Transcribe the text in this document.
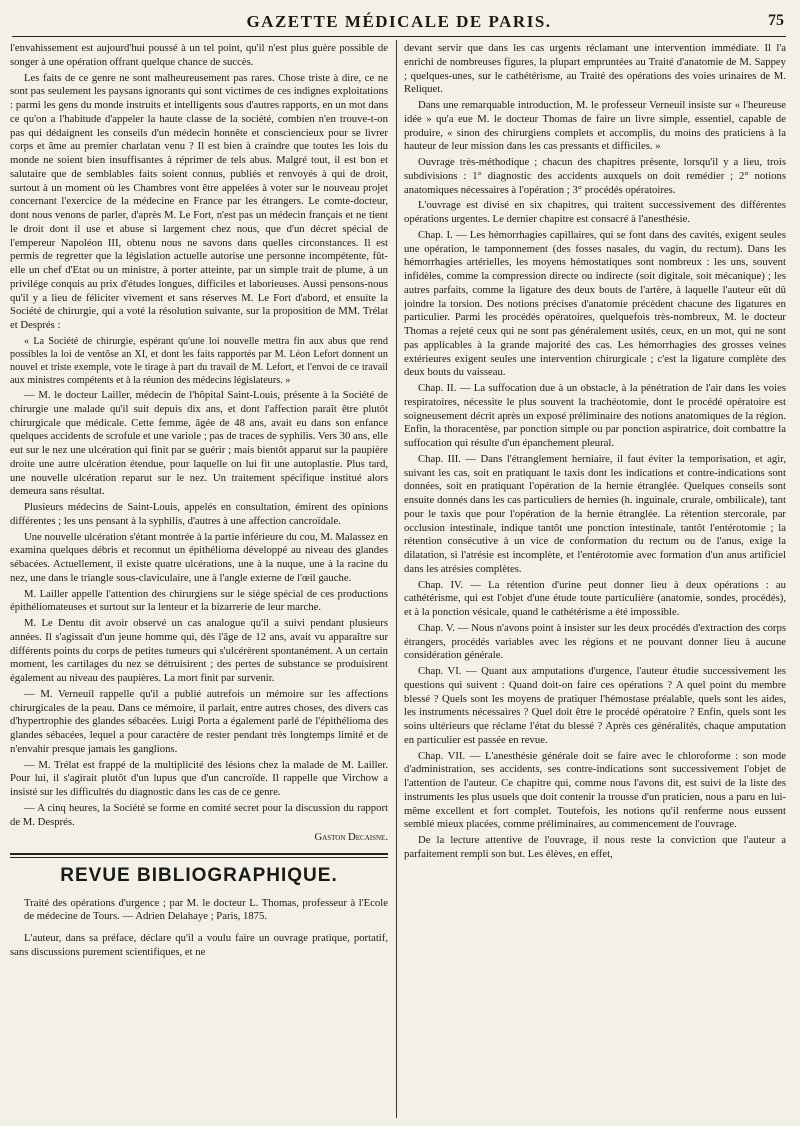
GAZETTE MÉDICALE DE PARIS.	75

l'envahissement est aujourd'hui poussé à un tel point, qu'il n'est plus guère possible de songer à une opération offrant quelque chance de succès.

Les faits de ce genre ne sont malheureusement pas rares. Chose triste à dire, ce ne sont pas seulement les paysans ignorants qui sont victimes de ces indignes exploitations : parmi les gens du monde instruits et intelligents sous d'autres rapports, en un mot dans ce qu'on a l'habitude d'appeler la haute classe de la société, combien n'en trouve-t-on pas qui dédaignent les conseils d'un médecin honnête et consciencieux pour se livrer corps et âme au premier charlatan venu ? Il est bien à craindre que toutes les lois du monde ne soient bien insuffisantes à réprimer de tels abus. Malgré tout, il est bon et salutaire que de semblables faits soient connus, publiés et renvoyés à qui de droit, surtout à un moment où les Chambres vont être appelées à voter sur le nouveau projet concernant l'exercice de la médecine en France par les étrangers. Le comte-docteur, dont nous venons de parler, d'après M. Le Fort, n'est pas un médecin français et ne tient le droit dont il use et abuse si largement chez nous, que d'un décret spécial de l'empereur Napoléon III, obtenu nous ne savons dans quelles circonstances. Il est permis de regretter que la législation actuelle autorise une personne incompétente, fût-elle un chef d'Etat ou un ministre, à porter atteinte, par un simple trait de plume, à un privilége conquis au prix d'études longues, difficiles et laborieuses. Aussi pensons-nous qu'il y a lieu de féliciter vivement et sans réserves M. Le Fort d'abord, et ensuite la Société de chirurgie, qui a voté la résolution suivante, sur la proposition de MM. Trélat et Després :

« La Société de chirurgie, espérant qu'une loi nouvelle mettra fin aux abus que rend possibles la loi de ventôse an XI, et dont les faits rapportés par M. Léon Lefort donnent un nouvel et triste exemple, vote le tirage à part du travail de M. Lefort, et l'envoi de ce travail aux ministres compétents et à la réunion des médecins législateurs. »

— M. le docteur Lailler, médecin de l'hôpital Saint-Louis, présente à la Société de chirurgie une malade qu'il suit depuis dix ans, et dont l'affection paraît être plutôt chirurgicale que médicale. Cette femme, âgée de 48 ans, avait eu dans son enfance quelques accidents de scrofule et une variole ; pas de traces de syphilis. Vers 30 ans, elle eut sur le nez une ulcération qui finit par se guérir ; mais bientôt apparut sur la paupière droite une autre ulcération étendue, pour laquelle on lui fit une autoplastie. Plus tard, une nouvelle ulcération reparut sur le nez. Un traitement spécifique institué alors demeura sans résultat.

Plusieurs médecins de Saint-Louis, appelés en consultation, émirent des opinions différentes ; les uns pensant à la syphilis, d'autres à une affection cancroïdale.

Une nouvelle ulcération s'étant montrée à la partie inférieure du cou, M. Malassez en examina quelques débris et reconnut un épithélioma développé au niveau des glandes sébacées. Actuellement, il existe quatre ulcérations, une à la nuque, une à la racine du nez, une dans le triangle sous-claviculaire, une à l'angle externe de l'œil gauche.

M. Lailler appelle l'attention des chirurgiens sur le siége spécial de ces productions épithéliomateuses et surtout sur la lenteur et la bizarrerie de leur marche.

M. Le Dentu dit avoir observé un cas analogue qu'il a suivi pendant plusieurs années. Il s'agissait d'un jeune homme qui, dès l'âge de 12 ans, avait vu apparaître sur différents points du corps de petites tumeurs qui s'ulcérèrent spontanément. A un certain moment, les cartilages du nez se détruisirent ; des pertes de substance se produisirent également au niveau des paupières. La mort finit par survenir.

— M. Verneuil rappelle qu'il a publié autrefois un mémoire sur les affections chirurgicales de la peau. Dans ce mémoire, il parlait, entre autres choses, des divers cas d'hypertrophie des glandes sébacées. Luigi Porta a également parlé de l'épithélioma des glandes sébacées, lequel a pour caractère de rester pendant très longtemps limité et de n'envahir presque jamais les ganglions.

— M. Trélat est frappé de la multiplicité des lésions chez la malade de M. Lailler. Pour lui, il s'agirait plutôt d'un lupus que d'un cancroïde. Il rappelle que Virchow a insisté sur les difficultés du diagnostic dans les cas de ce genre.

— A cinq heures, la Société se forme en comité secret pour la discussion du rapport de M. Després.

Gaston Decaisne.
REVUE BIBLIOGRAPHIQUE.

Traité des opérations d'urgence ; par M. le docteur L. Thomas, professeur à l'Ecole de médecine de Tours. — Adrien Delahaye ; Paris, 1875.

L'auteur, dans sa préface, déclare qu'il a voulu faire un ouvrage pratique, portatif, sans discussions purement scientifiques, et ne

devant servir que dans les cas urgents réclamant une intervention immédiate. Il l'a enrichi de nombreuses figures, la plupart empruntées au Traité d'anatomie de M. Sappey ; quelques-unes, sur le cathétérisme, au Traité des opérations des voies urinaires de M. Reliquet.

Dans une remarquable introduction, M. le professeur Verneuil insiste sur « l'heureuse idée » qu'a eue M. le docteur Thomas de faire un livre simple, essentiel, capable de produire, « sinon des chirurgiens complets et accomplis, du moins des praticiens à la hauteur de leur mission dans les cas pressants et difficiles. »

Ouvrage très-méthodique ; chacun des chapitres présente, lorsqu'il y a lieu, trois subdivisions : 1° diagnostic des accidents auxquels on doit remédier ; 2° notions anatomiques nécessaires à l'opération ; 3° procédés opératoires.

L'ouvrage est divisé en six chapitres, qui traitent successivement des différentes opérations urgentes. Le dernier chapitre est consacré à l'anesthésie.

Chap. I. — Les hémorrhagies capillaires, qui se font dans des cavités, exigent seules une opération, le tamponnement (des fosses nasales, du vagin, du rectum). Dans les hémorrhagies artérielles, les moyens hémostatiques sont nombreux : les uns, souvent infidèles, comme la compression directe ou indirecte (soit digitale, soit mécanique) ; les autres parfaits, comme la ligature des deux bouts de l'artère, à laquelle l'auteur eût dû joindre la torsion. Des notions précises d'anatomie précèdent chacune des ligatures en particulier. Parmi les procédés opératoires, quelquefois très-nombreux, M. le docteur Thomas a rejeté ceux qui ne sont pas généralement usités, ceux, en un mot, qui ne sont pas applicables à la grande majorité des cas. Les hémorrhagies des grosses veines extérieures exigent seules une intervention chirurgicale ; c'est la ligature complète des deux bouts du vaisseau.

Chap. II. — La suffocation due à un obstacle, à la pénétration de l'air dans les voies respiratoires, nécessite le plus souvent la trachéotomie, dont le procédé opératoire est soigneusement décrit après un exposé préliminaire des notions anatomiques de la région. Enfin, la thoracentèse, par ponction simple ou par ponction aspiratrice, doit combattre la suffocation qui résulte d'un épanchement pleural.

Chap. III. — Dans l'étranglement herniaire, il faut éviter la temporisation, et agir, suivant les cas, soit en pratiquant le taxis dont les indications et contre-indications sont données, soit en pratiquant l'opération de la hernie étranglée. Quelques conseils sont ensuite donnés dans les cas particuliers de hernies (h. inguinale, crurale, ombilicale), tant pour le taxis que pour l'opération de la hernie étranglée. La rétention stercorale, par occlusion intestinale, indique tantôt une ponction intestinale, tantôt l'entérotomie ; la rétention consécutive à un vice de conformation du rectum ou de l'anus, exige la dilatation, si l'atrésie est incomplète, et l'entérotomie avec formation d'un anus artificiel dans les atrésies complètes.

Chap. IV. — La rétention d'urine peut donner lieu à deux opérations : au cathétérisme, qui est l'objet d'une étude toute particulière (anatomie, sondes, procédés), et à la ponction vésicale, quand le cathétérisme a été impossible.

Chap. V. — Nous n'avons point à insister sur les deux procédés d'extraction des corps étrangers, procédés variables avec les régions et ne pouvant donner lieu à aucune considération générale.

Chap. VI. — Quant aux amputations d'urgence, l'auteur étudie successivement les questions qui suivent : Quand doit-on faire ces opérations ? A quel point du membre blessé ? Quels sont les moyens de pratiquer l'hémostase préalable, quels sont les aides, les instruments nécessaires ? Quel doit être le procédé opératoire ? Enfin, quels sont les soins ultérieurs que réclame l'état du blessé ? Après ces généralités, chaque amputation en particulier est passée en revue.

Chap. VII. — L'anesthésie générale doit se faire avec le chloroforme : son mode d'administration, ses accidents, ses contre-indications sont successivement l'objet de l'attention de l'auteur. Ce chapitre qui, comme nous l'avons dit, est suivi de la liste des instruments les plus usuels que doit contenir la trousse d'un praticien, nous a paru en lui-même excellent et fort complet. Toutefois, les notions qu'il renferme nous eussent semblé mieux placées, comme préliminaires, au commencement de l'ouvrage.

De la lecture attentive de l'ouvrage, il nous reste la conviction que l'auteur a parfaitement rempli son but. Les élèves, en effet,
